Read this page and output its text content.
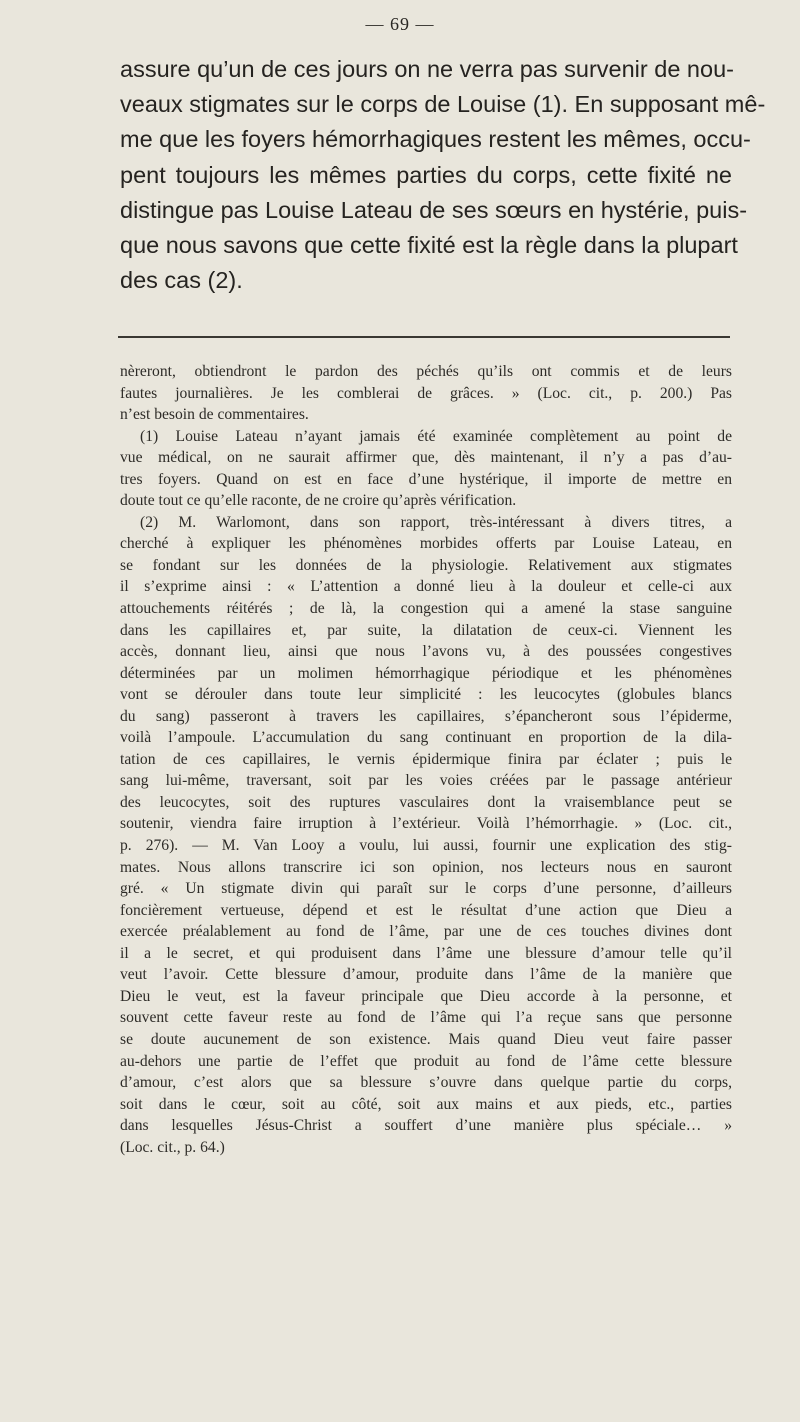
— 69 —
assure qu’un de ces jours on ne verra pas survenir de nou-
veaux stigmates sur le corps de Louise (1). En supposant mê-
me que les foyers hémorrhagiques restent les mêmes, occu-
pent toujours les mêmes parties du corps, cette fixité ne
distingue pas Louise Lateau de ses sœurs en hystérie, puis-
que nous savons que cette fixité est la règle dans la plupart
des cas (2).
nèreront, obtiendront le pardon des péchés qu’ils ont commis et de leurs
fautes journalières. Je les comblerai de grâces. » (Loc. cit., p. 200.) Pas
n’est besoin de commentaires.
(1) Louise Lateau n’ayant jamais été examinée complètement au point de
vue médical, on ne saurait affirmer que, dès maintenant, il n’y a pas d’au-
tres foyers. Quand on est en face d’une hystérique, il importe de mettre en
doute tout ce qu’elle raconte, de ne croire qu’après vérification.
(2) M. Warlomont, dans son rapport, très-intéressant à divers titres, a
cherché à expliquer les phénomènes morbides offerts par Louise Lateau, en
se fondant sur les données de la physiologie. Relativement aux stigmates
il s’exprime ainsi : « L’attention a donné lieu à la douleur et celle-ci aux
attouchements réitérés ; de là, la congestion qui a amené la stase sanguine
dans les capillaires et, par suite, la dilatation de ceux-ci. Viennent les
accès, donnant lieu, ainsi que nous l’avons vu, à des poussées congestives
déterminées par un molimen hémorrhagique périodique et les phénomènes
vont se dérouler dans toute leur simplicité : les leucocytes (globules blancs
du sang) passeront à travers les capillaires, s’épancheront sous l’épiderme,
voilà l’ampoule. L’accumulation du sang continuant en proportion de la dila-
tation de ces capillaires, le vernis épidermique finira par éclater ; puis le
sang lui-même, traversant, soit par les voies créées par le passage antérieur
des leucocytes, soit des ruptures vasculaires dont la vraisemblance peut se
soutenir, viendra faire irruption à l’extérieur. Voilà l’hémorrhagie. » (Loc. cit.,
p. 276). — M. Van Looy a voulu, lui aussi, fournir une explication des stig-
mates. Nous allons transcrire ici son opinion, nos lecteurs nous en sauront
gré. « Un stigmate divin qui paraît sur le corps d’une personne, d’ailleurs
foncièrement vertueuse, dépend et est le résultat d’une action que Dieu a
exercée préalablement au fond de l’âme, par une de ces touches divines dont
il a le secret, et qui produisent dans l’âme une blessure d’amour telle qu’il
veut l’avoir. Cette blessure d’amour, produite dans l’âme de la manière que
Dieu le veut, est la faveur principale que Dieu accorde à la personne, et
souvent cette faveur reste au fond de l’âme qui l’a reçue sans que personne
se doute aucunement de son existence. Mais quand Dieu veut faire passer
au-dehors une partie de l’effet que produit au fond de l’âme cette blessure
d’amour, c’est alors que sa blessure s’ouvre dans quelque partie du corps,
soit dans le cœur, soit au côté, soit aux mains et aux pieds, etc., parties
dans lesquelles Jésus-Christ a souffert d’une manière plus spéciale… »
(Loc. cit., p. 64.)
